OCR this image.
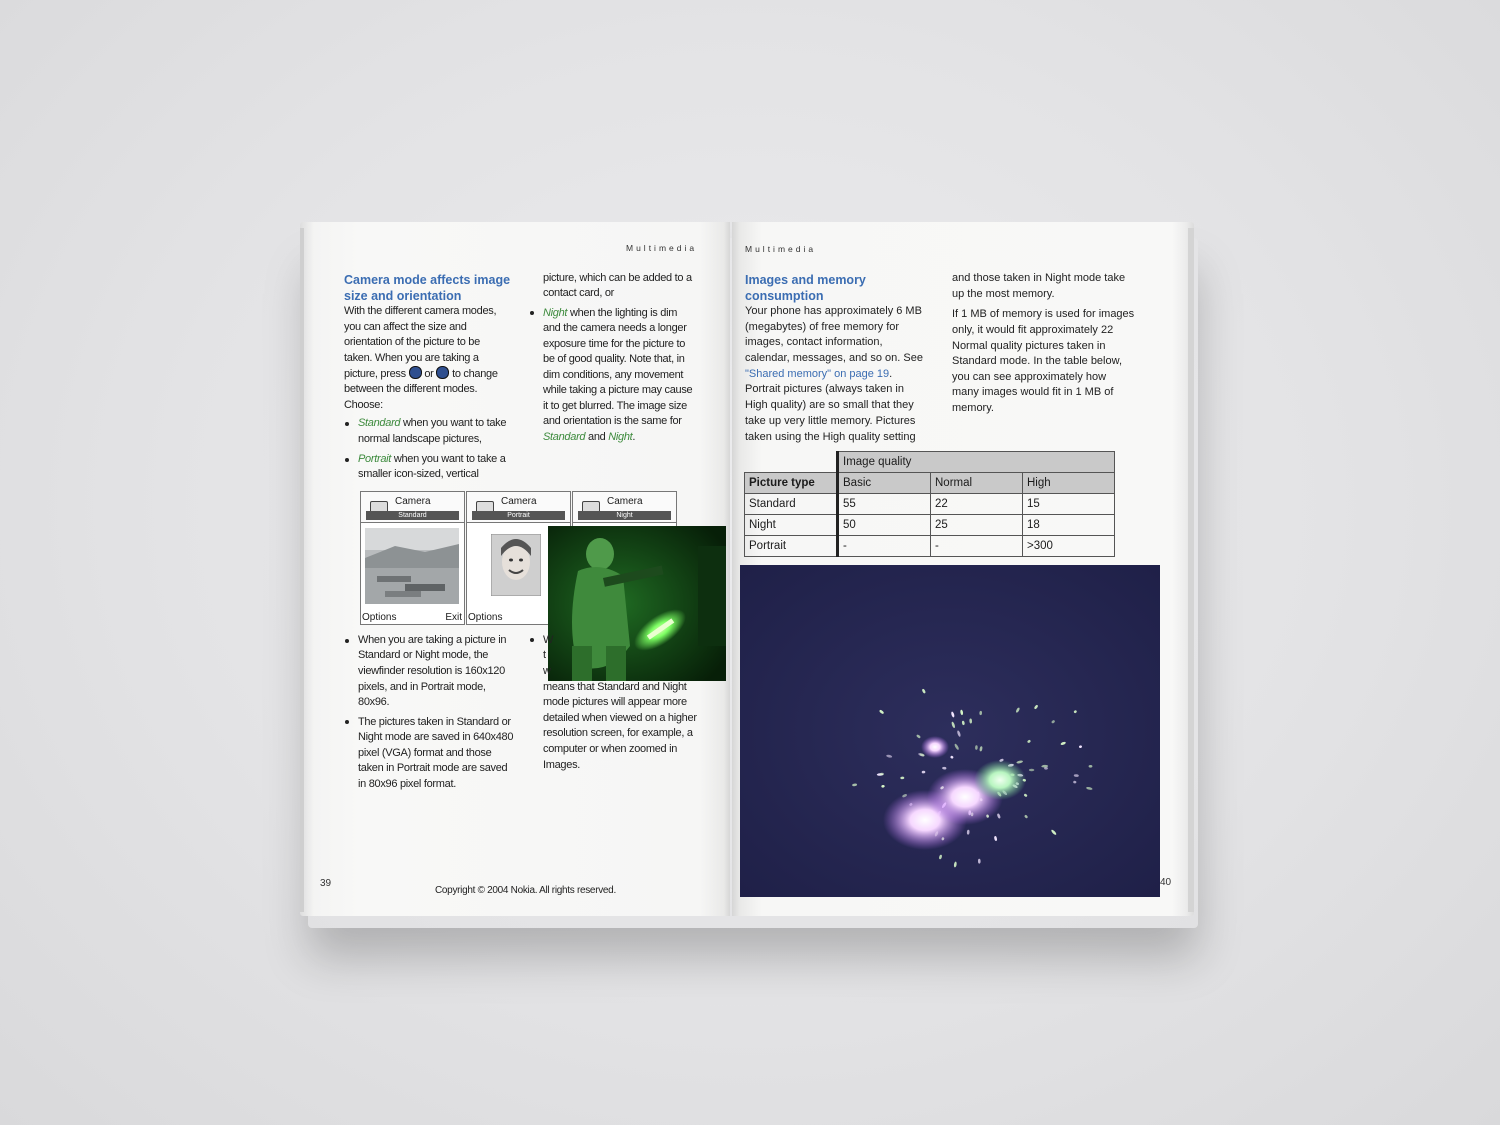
Multimedia
Camera mode affects image size and orientation
With the different camera modes,
you can affect the size and
orientation of the picture to be
taken. When you are taking a
picture, press or to change
between the different modes.
Choose:
Standard when you want to take
normal landscape pictures,
Portrait when you want to take a
smaller icon-sized, vertical
picture, which can be added to a
contact card, or
Night when the lighting is dim
and the camera needs a longer
exposure time for the picture to
be of good quality. Note that, in
dim conditions, any movement
while taking a picture may cause
it to get blurred. The image size
and orientation is the same for
Standard and Night.
Camera
Standard
Options	Exit
Camera
Portrait
Options
Camera
Night
When you are taking a picture in
Standard or Night mode, the
viewfinder resolution is 160x120
pixels, and in Portrait mode,
80x96.
The pictures taken in Standard or
Night mode are saved in 640x480
pixel (VGA) format and those
taken in Portrait mode are saved
in 80x96 pixel format.
W
t
w
means that Standard and Night
mode pictures will appear more
detailed when viewed on a higher
resolution screen, for example, a
computer or when zoomed in
Images.
39
Copyright © 2004 Nokia. All rights reserved.
Multimedia
Images and memory consumption
Your phone has approximately 6 MB
(megabytes) of free memory for
images, contact information,
calendar, messages, and so on. See
"Shared memory" on page 19.
Portrait pictures (always taken in
High quality) are so small that they
take up very little memory. Pictures
taken using the High quality setting
and those taken in Night mode take
up the most memory.
If 1 MB of memory is used for images
only, it would fit approximately 22
Normal quality pictures taken in
Standard mode. In the table below,
you can see approximately how
many images would fit in 1 MB of
memory.
	Image quality		
Picture type	Basic	Normal	High
Standard	55	22	15
Night	50	25	18
Portrait	-	-	>300
40
